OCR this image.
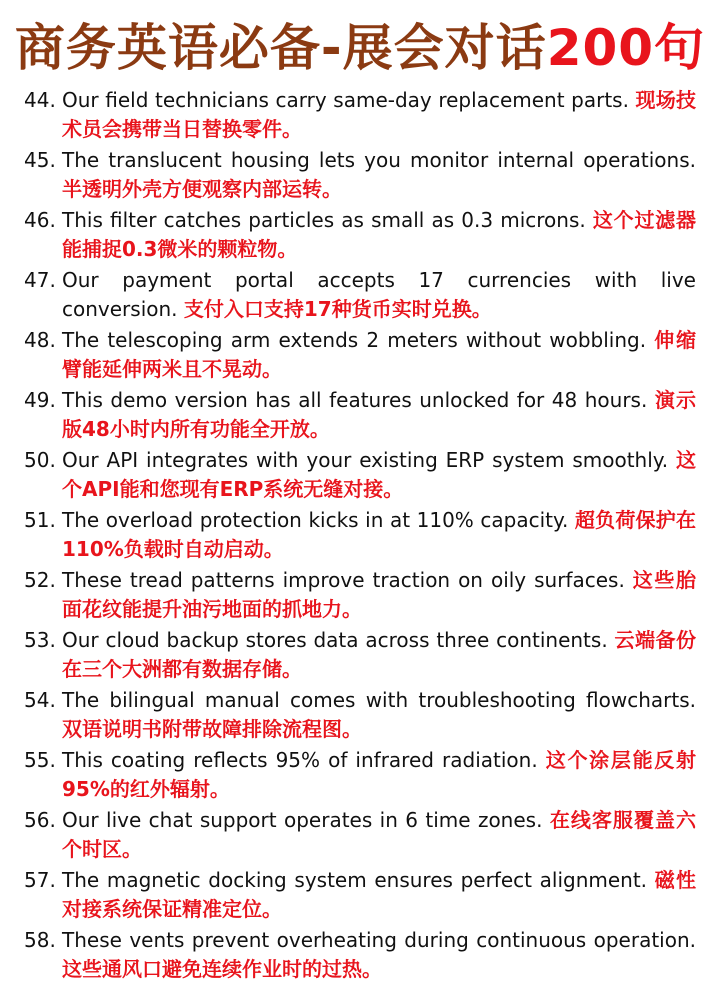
商务英语必备-展会对话200句
44. Our field technicians carry same-day replacement parts. 现场技术员会携带当日替换零件。
45. The translucent housing lets you monitor internal operations. 半透明外壳方便观察内部运转。
46. This filter catches particles as small as 0.3 microns. 这个过滤器能捕捉0.3微米的颗粒物。
47. Our payment portal accepts 17 currencies with live conversion. 支付入口支持17种货币实时兑换。
48. The telescoping arm extends 2 meters without wobbling. 伸缩臂能延伸两米且不晃动。
49. This demo version has all features unlocked for 48 hours. 演示版48小时内所有功能全开放。
50. Our API integrates with your existing ERP system smoothly. 这个API能和您现有ERP系统无缝对接。
51. The overload protection kicks in at 110% capacity. 超负荷保护在110%负载时自动启动。
52. These tread patterns improve traction on oily surfaces. 这些胎面花纹能提升油污地面的抓地力。
53. Our cloud backup stores data across three continents. 云端备份在三个大洲都有数据存储。
54. The bilingual manual comes with troubleshooting flowcharts. 双语说明书附带故障排除流程图。
55. This coating reflects 95% of infrared radiation. 这个涂层能反射95%的红外辐射。
56. Our live chat support operates in 6 time zones. 在线客服覆盖六个时区。
57. The magnetic docking system ensures perfect alignment. 磁性对接系统保证精准定位。
58. These vents prevent overheating during continuous operation. 这些通风口避免连续作业时的过热。
